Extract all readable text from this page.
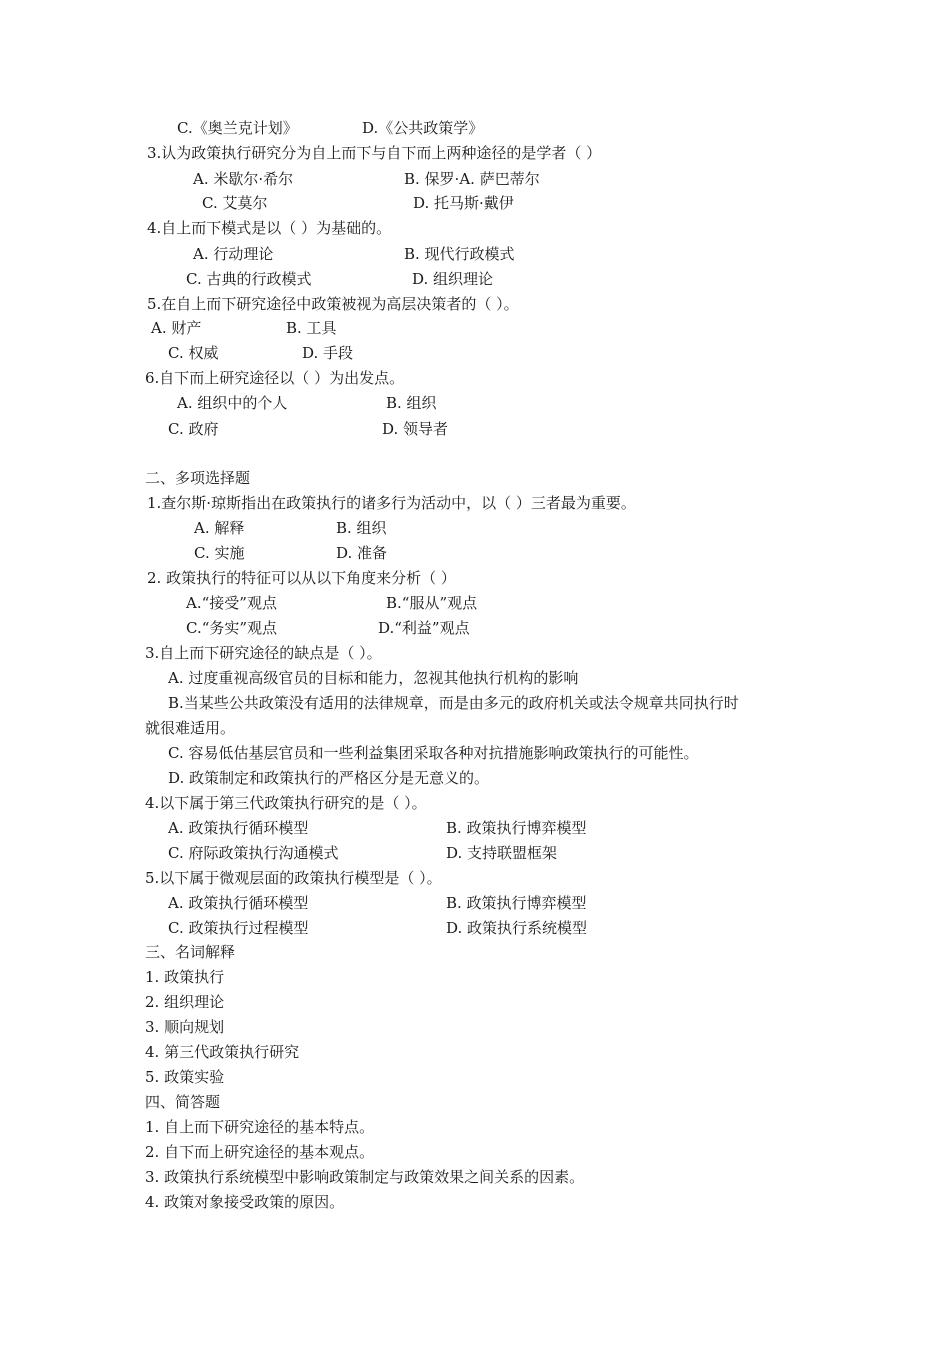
C.《奥兰克计划》	D.《公共政策学》
3.认为政策执行研究分为自上而下与自下而上两种途径的是学者（ ）
A. 米歇尔·希尔	B. 保罗·A. 萨巴蒂尔
C. 艾莫尔	D. 托马斯·戴伊
4.自上而下模式是以（ ）为基础的。
A. 行动理论	B. 现代行政模式
C. 古典的行政模式	D. 组织理论
5.在自上而下研究途径中政策被视为高层决策者的（ ）。
A. 财产	B. 工具
C. 权威	D. 手段
6.自下而上研究途径以（ ）为出发点。
A. 组织中的个人	B. 组织
C. 政府	D. 领导者
二、多项选择题
1.查尔斯·琼斯指出在政策执行的诸多行为活动中，以（ ）三者最为重要。
A. 解释	B. 组织
C. 实施	D. 准备
2. 政策执行的特征可以从以下角度来分析（ ）
A.“接受”观点	B.“服从”观点
C.“务实”观点	D.“利益”观点
3.自上而下研究途径的缺点是（ ）。
A. 过度重视高级官员的目标和能力，忽视其他执行机构的影响
B.当某些公共政策没有适用的法律规章，而是由多元的政府机关或法令规章共同执行时
就很难适用。
C. 容易低估基层官员和一些利益集团采取各种对抗措施影响政策执行的可能性。
D. 政策制定和政策执行的严格区分是无意义的。
4.以下属于第三代政策执行研究的是（ ）。
A. 政策执行循环模型	B. 政策执行博弈模型
C. 府际政策执行沟通模式	D. 支持联盟框架
5.以下属于微观层面的政策执行模型是（ ）。
A. 政策执行循环模型	B. 政策执行博弈模型
C. 政策执行过程模型	D. 政策执行系统模型
三、名词解释
1. 政策执行
2. 组织理论
3. 顺向规划
4. 第三代政策执行研究
5. 政策实验
四、简答题
1. 自上而下研究途径的基本特点。
2. 自下而上研究途径的基本观点。
3. 政策执行系统模型中影响政策制定与政策效果之间关系的因素。
4. 政策对象接受政策的原因。
